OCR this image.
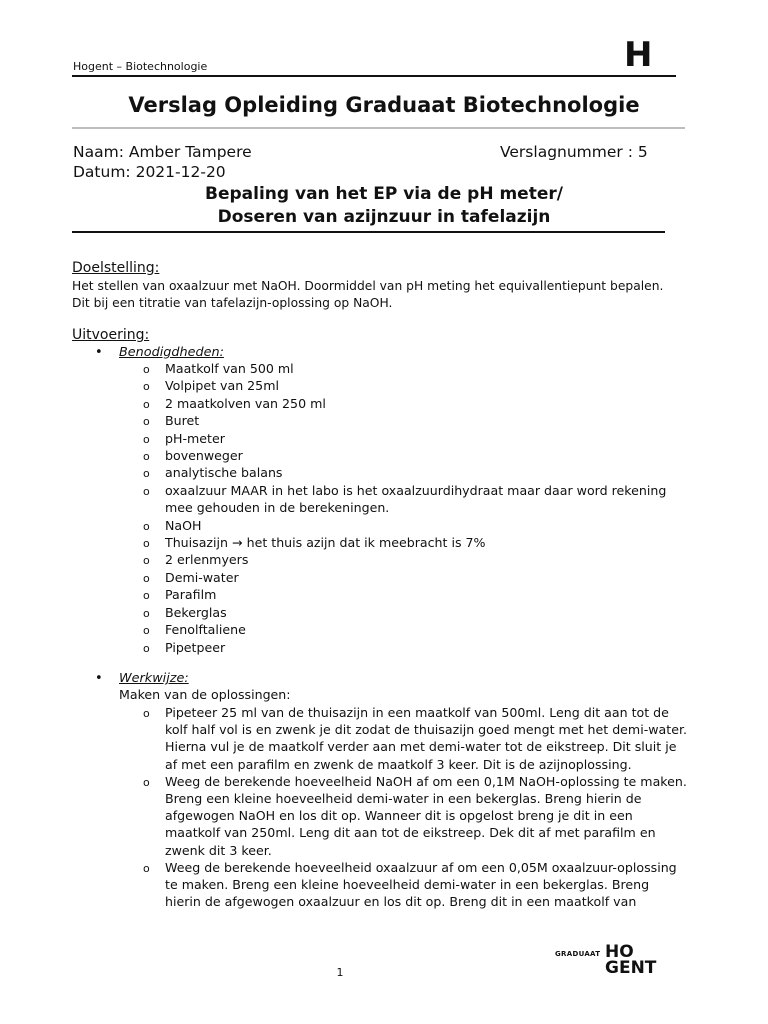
Hogent – Biotechnologie	H
Verslag Opleiding Graduaat Biotechnologie
Naam: Amber Tampere	Verslagnummer : 5
Datum: 2021-12-20
Bepaling van het EP via de pH meter/
Doseren van azijnzuur in tafelazijn
Doelstelling:
Het stellen van oxaalzuur met NaOH. Doormiddel van pH meting het equivallentiepunt bepalen.
Dit bij een titratie van tafelazijn-oplossing op NaOH.
Uitvoering:
• Benodigdheden:
o Maatkolf van 500 ml
o Volpipet van 25ml
o 2 maatkolven van 250 ml
o Buret
o pH-meter
o bovenweger
o analytische balans
o oxaalzuur MAAR in het labo is het oxaalzuurdihydraat maar daar word rekening mee gehouden in de berekeningen.
o NaOH
o Thuisazijn → het thuis azijn dat ik meebracht is 7%
o 2 erlenmyers
o Demi-water
o Parafilm
o Bekerglas
o Fenolftaliene
o Pipetpeer
• Werkwijze:
Maken van de oplossingen:
o Pipeteer 25 ml van de thuisazijn in een maatkolf van 500ml. Leng dit aan tot de kolf half vol is en zwenk je dit zodat de thuisazijn goed mengt met het demi-water. Hierna vul je de maatkolf verder aan met demi-water tot de eikstreep. Dit sluit je af met een parafilm en zwenk de maatkolf 3 keer. Dit is de azijnoplossing.
o Weeg de berekende hoeveelheid NaOH af om een 0,1M NaOH-oplossing te maken. Breng een kleine hoeveelheid demi-water in een bekerglas. Breng hierin de afgewogen NaOH en los dit op. Wanneer dit is opgelost breng je dit in een maatkolf van 250ml. Leng dit aan tot de eikstreep. Dek dit af met parafilm en zwenk dit 3 keer.
o Weeg de berekende hoeveelheid oxaalzuur af om een 0,05M oxaalzuur-oplossing te maken. Breng een kleine hoeveelheid demi-water in een bekerglas. Breng hierin de afgewogen oxaalzuur en los dit op. Breng dit in een maatkolf van
1
GRADUAAT HO
GENT
